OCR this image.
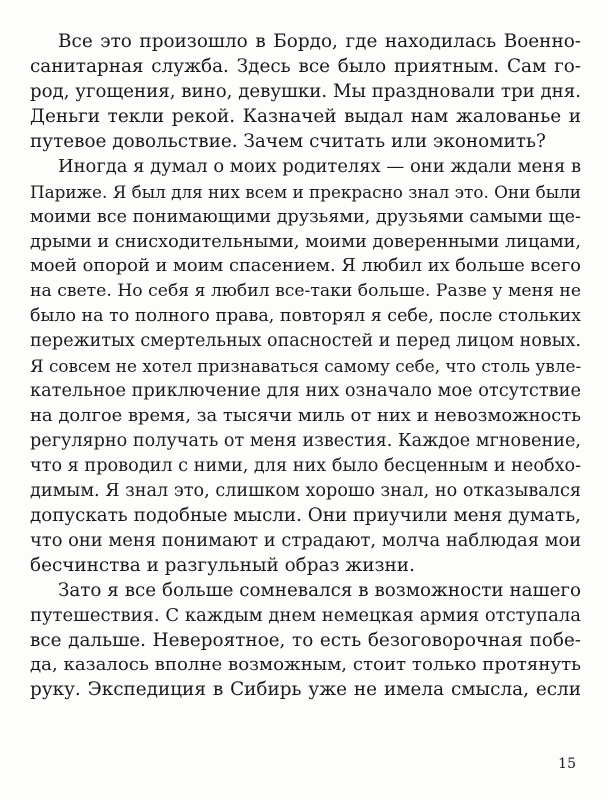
Все это произошло в Бордо, где находилась Военно-
санитарная служба. Здесь все было приятным. Сам го-
род, угощения, вино, девушки. Мы праздновали три дня.
Деньги текли рекой. Казначей выдал нам жалованье и
путевое довольствие. Зачем считать или экономить?
Иногда я думал о моих родителях — они ждали меня в
Париже. Я был для них всем и прекрасно знал это. Они были
моими все понимающими друзьями, друзьями самыми ще-
дрыми и снисходительными, моими доверенными лицами,
моей опорой и моим спасением. Я любил их больше всего
на свете. Но себя я любил все-таки больше. Разве у меня не
было на то полного права, повторял я себе, после стольких
пережитых смертельных опасностей и перед лицом новых.
Я совсем не хотел признаваться самому себе, что столь увле-
кательное приключение для них означало мое отсутствие
на долгое время, за тысячи миль от них и невозможность
регулярно получать от меня известия. Каждое мгновение,
что я проводил с ними, для них было бесценным и необхо-
димым. Я знал это, слишком хорошо знал, но отказывался
допускать подобные мысли. Они приучили меня думать,
что они меня понимают и страдают, молча наблюдая мои
бесчинства и разгульный образ жизни.
Зато я все больше сомневался в возможности нашего
путешествия. С каждым днем немецкая армия отступала
все дальше. Невероятное, то есть безоговорочная побе-
да, казалось вполне возможным, стоит только протянуть
руку. Экспедиция в Сибирь уже не имела смысла, если
15
